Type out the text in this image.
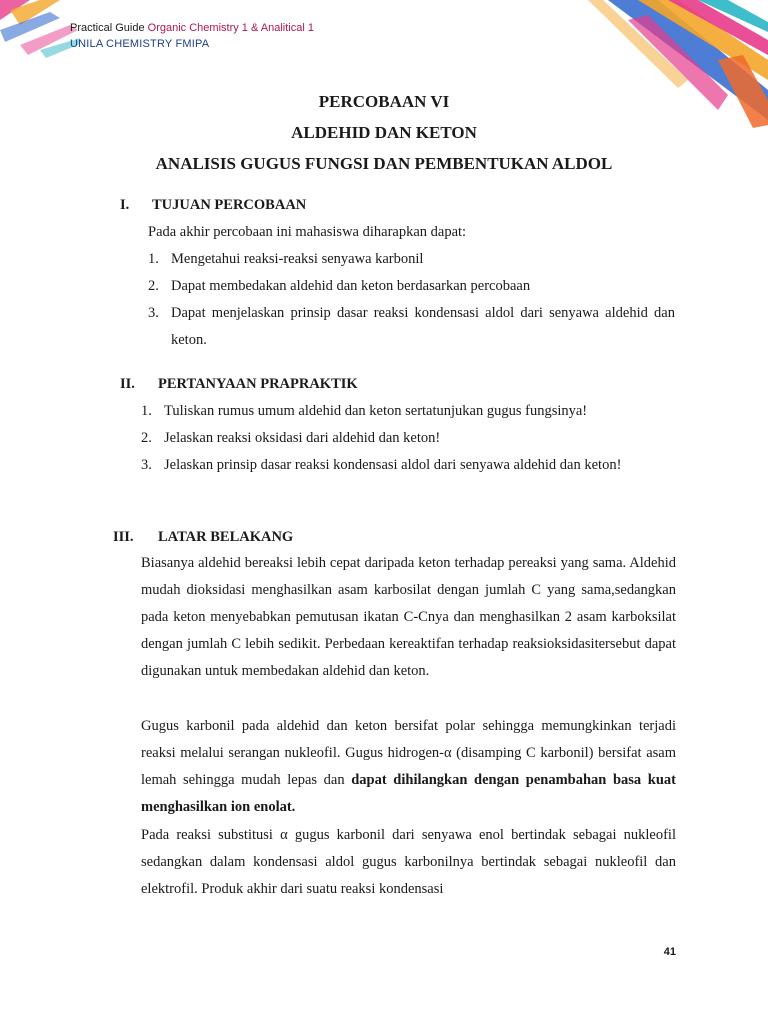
Practical Guide Organic Chemistry 1 & Analitical 1
UNILA CHEMISTRY FMIPA
PERCOBAAN VI
ALDEHID DAN KETON
ANALISIS GUGUS FUNGSI DAN PEMBENTUKAN ALDOL
I. TUJUAN PERCOBAAN
Pada akhir percobaan ini mahasiswa diharapkan dapat:
1. Mengetahui reaksi-reaksi senyawa karbonil
2. Dapat membedakan aldehid dan keton berdasarkan percobaan
3. Dapat menjelaskan prinsip dasar reaksi kondensasi aldol dari senyawa aldehid dan keton.
II. PERTANYAAN PRAPRAKTIK
1. Tuliskan rumus umum aldehid dan keton sertatunjukan gugus fungsinya!
2. Jelaskan reaksi oksidasi dari aldehid dan keton!
3. Jelaskan prinsip dasar reaksi kondensasi aldol dari senyawa aldehid dan keton!
III. LATAR BELAKANG
Biasanya aldehid bereaksi lebih cepat daripada keton terhadap pereaksi yang sama. Aldehid mudah dioksidasi menghasilkan asam karbosilat dengan jumlah C yang sama,sedangkan pada keton menyebabkan pemutusan ikatan C-Cnya dan menghasilkan 2 asam karboksilat dengan jumlah C lebih sedikit. Perbedaan kereaktifan terhadap reaksioksidasitersebut dapat digunakan untuk membedakan aldehid dan keton.
Gugus karbonil pada aldehid dan keton bersifat polar sehingga memungkinkan terjadi reaksi melalui serangan nukleofil. Gugus hidrogen-α (disamping C karbonil) bersifat asam lemah sehingga mudah lepas dan dapat dihilangkan dengan penambahan basa kuat menghasilkan ion enolat.
Pada reaksi substitusi α gugus karbonil dari senyawa enol bertindak sebagai nukleofil sedangkan dalam kondensasi aldol gugus karbonilnya bertindak sebagai nukleofil dan elektrofil. Produk akhir dari suatu reaksi kondensasi
41
